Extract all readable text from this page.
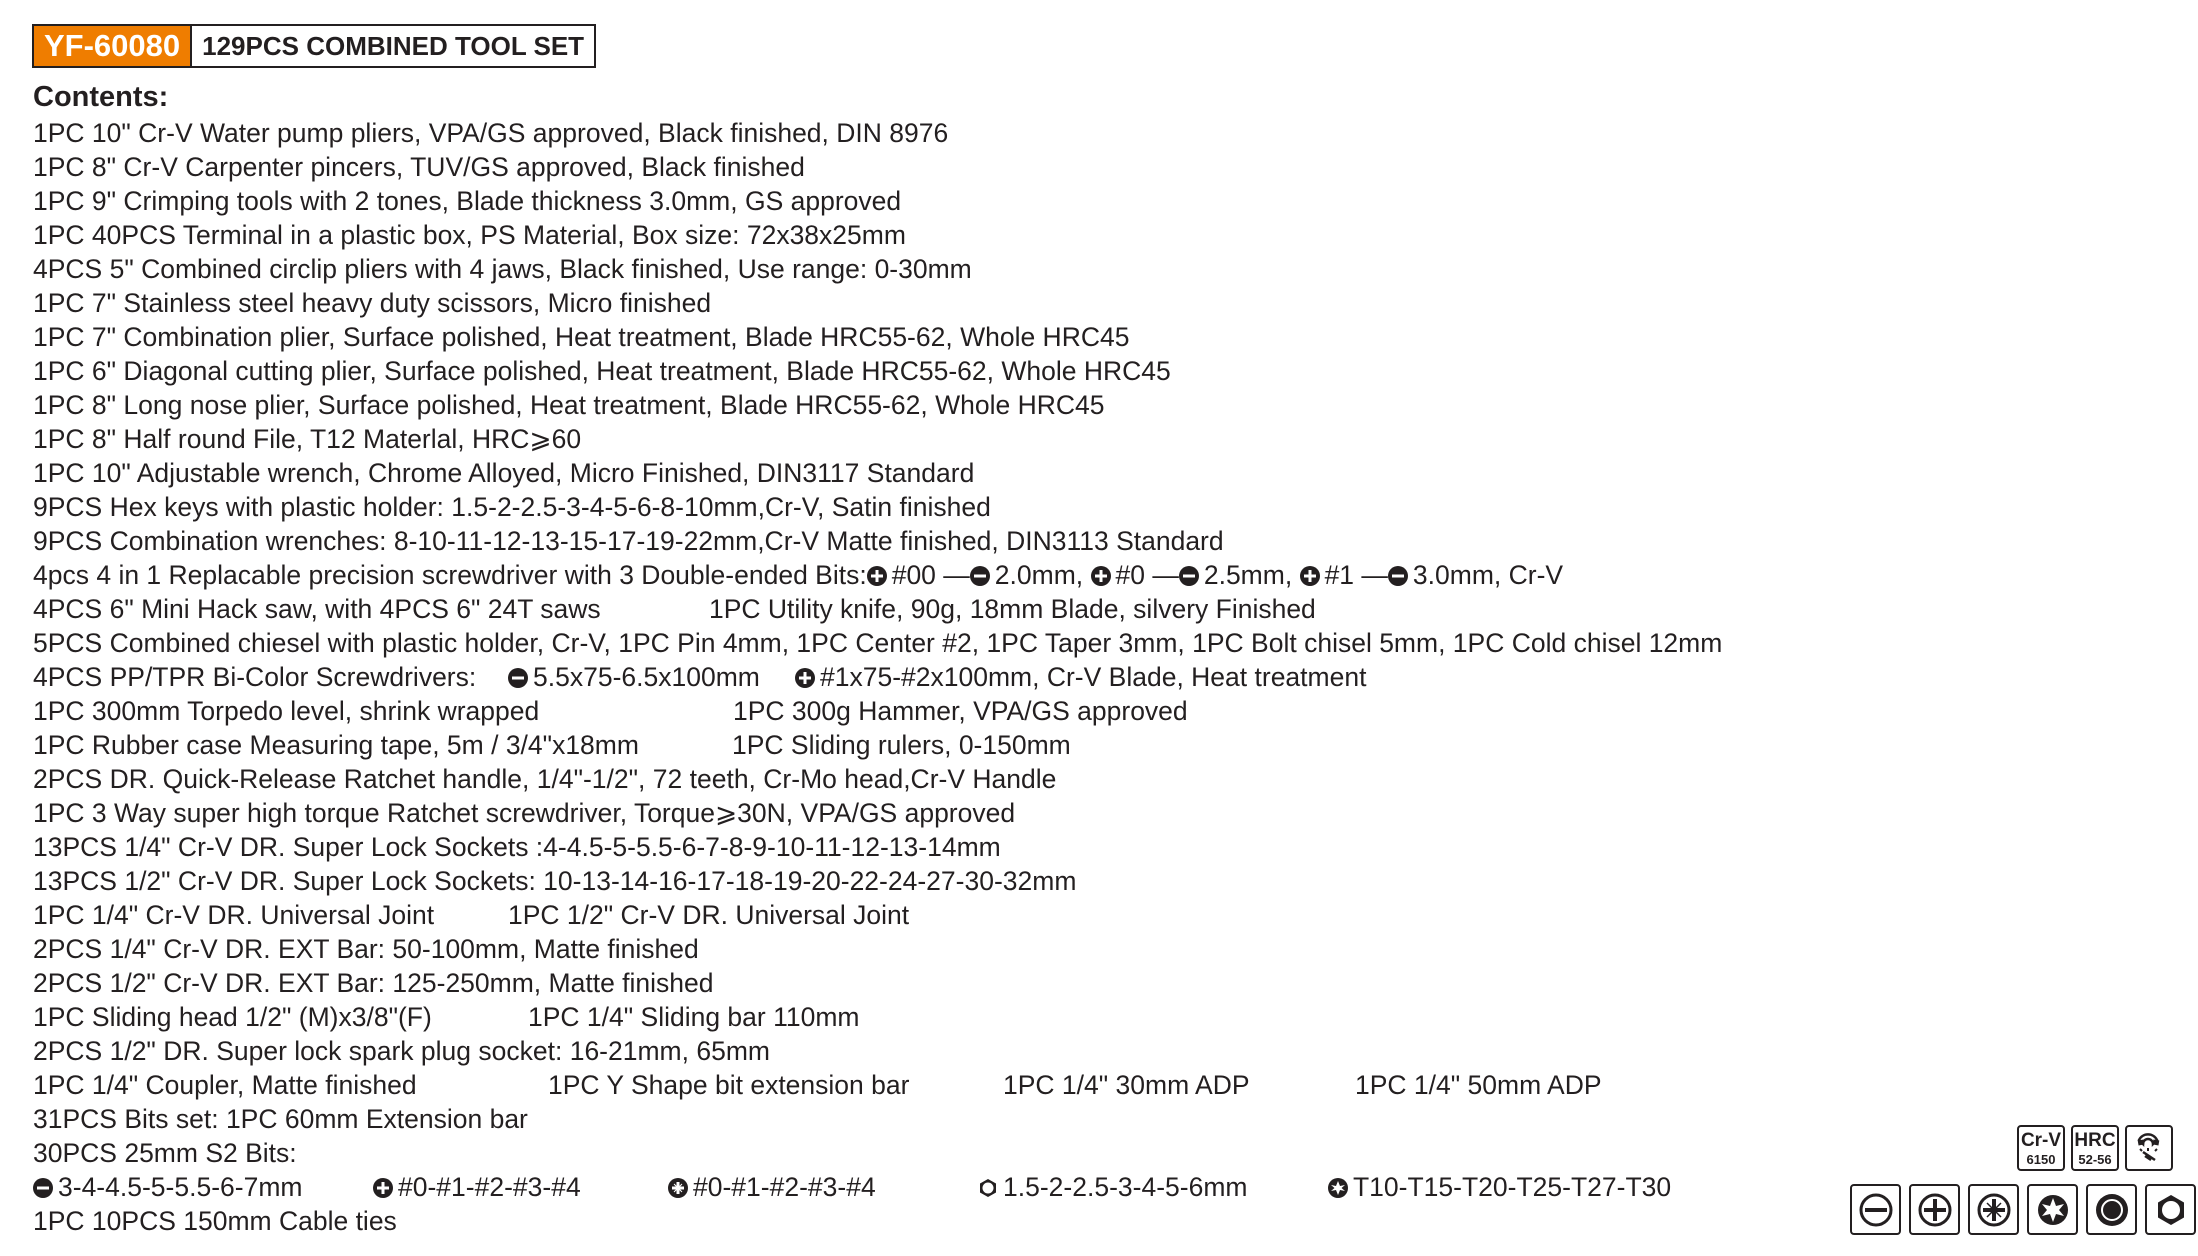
YF-60080 129PCS COMBINED TOOL SET
Contents:
1PC 10" Cr-V Water pump pliers, VPA/GS approved, Black finished, DIN 8976
1PC 8" Cr-V Carpenter pincers, TUV/GS approved, Black finished
1PC 9" Crimping tools with 2 tones, Blade thickness 3.0mm, GS approved
1PC 40PCS Terminal in a plastic box, PS Material, Box size: 72x38x25mm
4PCS 5" Combined circlip pliers with 4 jaws, Black finished, Use range: 0-30mm
1PC 7" Stainless steel heavy duty scissors, Micro finished
1PC 7" Combination plier, Surface polished, Heat treatment, Blade HRC55-62, Whole HRC45
1PC 6" Diagonal cutting plier, Surface polished, Heat treatment, Blade HRC55-62, Whole HRC45
1PC 8" Long nose plier, Surface polished, Heat treatment, Blade HRC55-62, Whole HRC45
1PC 8" Half round File, T12 Materlal, HRC⩾60
1PC 10" Adjustable wrench, Chrome Alloyed, Micro Finished, DIN3117 Standard
9PCS Hex keys with plastic holder: 1.5-2-2.5-3-4-5-6-8-10mm,Cr-V, Satin finished
9PCS Combination wrenches: 8-10-11-12-13-15-17-19-22mm,Cr-V Matte finished, DIN3113 Standard
4pcs 4 in 1 Replacable precision screwdriver with 3 Double-ended Bits: #00 — 2.0mm, #0 — 2.5mm, #1 — 3.0mm, Cr-V
4PCS 6" Mini Hack saw, with 4PCS 6" 24T saws	1PC Utility knife, 90g, 18mm Blade, silvery Finished
5PCS Combined chiesel with plastic holder, Cr-V, 1PC Pin 4mm, 1PC Center #2, 1PC Taper 3mm, 1PC Bolt chisel 5mm, 1PC Cold chisel 12mm
4PCS PP/TPR Bi-Color Screwdrivers:	5.5x75-6.5x100mm	#1x75-#2x100mm, Cr-V Blade, Heat treatment
1PC 300mm Torpedo level, shrink wrapped	1PC 300g Hammer, VPA/GS approved
1PC Rubber case Measuring tape, 5m / 3/4"x18mm	1PC Sliding rulers, 0-150mm
2PCS DR. Quick-Release Ratchet handle, 1/4"-1/2", 72 teeth, Cr-Mo head,Cr-V Handle
1PC 3 Way super high torque Ratchet screwdriver, Torque⩾30N, VPA/GS approved
13PCS 1/4" Cr-V DR. Super Lock Sockets :4-4.5-5-5.5-6-7-8-9-10-11-12-13-14mm
13PCS 1/2" Cr-V DR. Super Lock Sockets: 10-13-14-16-17-18-19-20-22-24-27-30-32mm
1PC 1/4" Cr-V DR. Universal Joint	1PC 1/2" Cr-V DR. Universal Joint
2PCS 1/4" Cr-V DR. EXT Bar: 50-100mm, Matte finished
2PCS 1/2" Cr-V DR. EXT Bar: 125-250mm, Matte finished
1PC Sliding head 1/2" (M)x3/8"(F)	1PC 1/4" Sliding bar 110mm
2PCS 1/2" DR. Super lock spark plug socket: 16-21mm, 65mm
1PC 1/4" Coupler, Matte finished	1PC Y Shape bit extension bar	1PC 1/4" 30mm ADP	1PC 1/4" 50mm ADP
31PCS Bits set: 1PC 60mm Extension bar
30PCS 25mm S2 Bits:
3-4-4.5-5-5.5-6-7mm	#0-#1-#2-#3-#4	#0-#1-#2-#3-#4	1.5-2-2.5-3-4-5-6mm	T10-T15-T20-T25-T27-T30
1PC 10PCS 150mm Cable ties
Cr-V
6150
HRC
52-56
